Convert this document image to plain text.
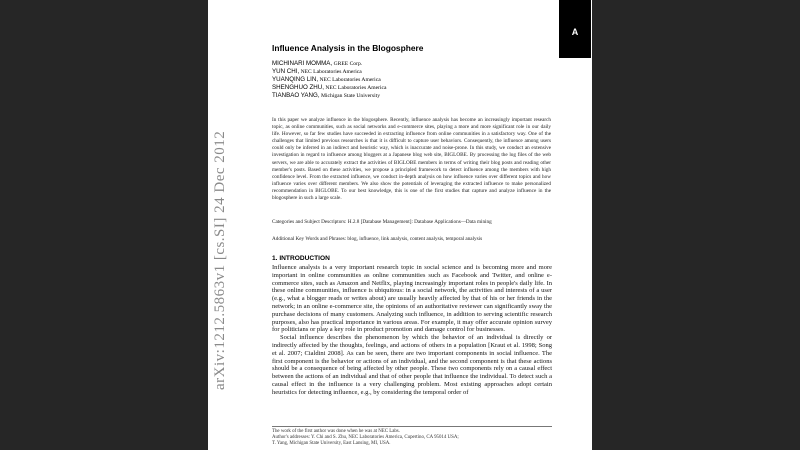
arXiv:1212.5863v1 [cs.SI] 24 Dec 2012
A
Influence Analysis in the Blogosphere
MICHINARI MOMMA, GREE Corp.
YUN CHI, NEC Laboratories America
YUANQING LIN, NEC Laboratories America
SHENGHUO ZHU, NEC Laboratories America
TIANBAO YANG, Michigan State University
In this paper we analyze influence in the blogosphere. Recently, influence analysis has become an increasingly important research topic, as online communities, such as social networks and e-commerce sites, playing a more and more significant role in our daily life. However, so far few studies have succeeded in extracting influence from online communities in a satisfactory way. One of the challenges that limited previous researches is that it is difficult to capture user behaviors. Consequently, the influence among users could only be inferred in an indirect and heuristic way, which is inaccurate and noise-prone. In this study, we conduct an extensive investigation in regard to influence among bloggers at a Japanese blog web site, BIGLOBE. By processing the log files of the web servers, we are able to accurately extract the activities of BIGLOBE members in terms of writing their blog posts and reading other member's posts. Based on these activities, we propose a principled framework to detect influence among the members with high confidence level. From the extracted influence, we conduct in-depth analysis on how influence varies over different topics and how influence varies over different members. We also show the potentials of leveraging the extracted influence to make personalized recommendation in BIGLOBE. To our best knowledge, this is one of the first studies that capture and analyze influence in the blogosphere in such a large scale.
Categories and Subject Descriptors: H.2.8 [Database Management]: Database Applications—Data mining
Additional Key Words and Phrases: blog, influence, link analysis, content analysis, temporal analysis
1. INTRODUCTION

Influence analysis is a very important research topic in social science and is becoming more and more important in online communities as online communities such as Facebook and Twitter, and online e-commerce sites, such as Amazon and Netflix, playing increasingly important roles in people's daily life. In these online communities, influence is ubiquitous: in a social network, the activities and interests of a user (e.g., what a blogger reads or writes about) are usually heavily affected by that of his or her friends in the network; in an online e-commerce site, the opinions of an authoritative reviewer can significantly sway the purchase decisions of many customers. Analyzing such influence, in addition to serving scientific research purposes, also has practical importance in various areas. For example, it may offer accurate opinion survey for politicians or play a key role in product promotion and damage control for businesses.

Social influence describes the phenomenon by which the behavior of an individual is directly or indirectly affected by the thoughts, feelings, and actions of others in a population [Kraut et al. 1998; Song et al. 2007; Cialdini 2008]. As can be seen, there are two important components in social influence. The first component is the behavior or actions of an individual, and the second component is that these actions should be a consequence of being affected by other people. These two components rely on a causal effect between the actions of an individual and that of other people that influence the individual. To detect such a causal effect in the influence is a very challenging problem. Most existing approaches adopt certain heuristics for detecting influence, e.g., by considering the temporal order of

The work of the first author was done when he was at NEC Labs.
Author's addresses: Y. Chi and S. Zhu, NEC Laboratories America, Cupertino, CA 95014 USA;
T. Yang, Michigan State University, East Lansing, MI, USA.
